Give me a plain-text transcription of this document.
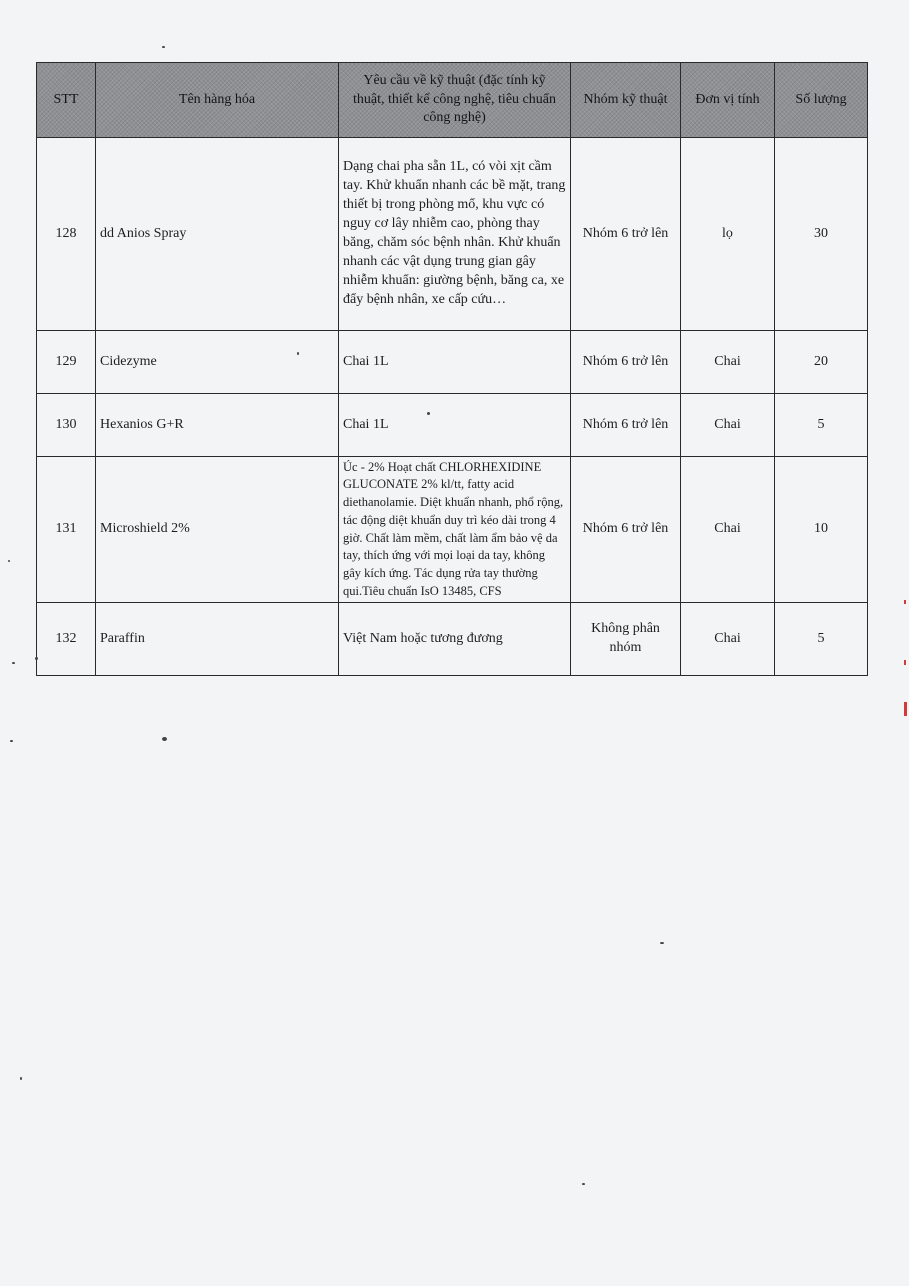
STT	Tên hàng hóa	Yêu cầu về kỹ thuật (đặc tính kỹ thuật, thiết kế công nghệ, tiêu chuẩn công nghệ)	Nhóm kỹ thuật	Đơn vị tính	Số lượng
128	dd Anios Spray	Dạng chai pha sẵn 1L, có vòi xịt cầm tay. Khử khuẩn nhanh các bề mặt, trang thiết bị trong phòng mổ, khu vực có nguy cơ lây nhiễm cao, phòng thay băng, chăm sóc bệnh nhân. Khử khuẩn nhanh các vật dụng trung gian gây nhiễm khuẩn: giường bệnh, băng ca, xe đẩy bệnh nhân, xe cấp cứu…	Nhóm 6 trở lên	lọ	30
129	Cidezyme	Chai 1L	Nhóm 6 trở lên	Chai	20
130	Hexanios G+R	Chai 1L	Nhóm 6 trở lên	Chai	5
131	Microshield 2%	Úc - 2% Hoạt chất CHLORHEXIDINE GLUCONATE 2% kl/tt, fatty acid diethanolamie. Diệt khuẩn nhanh, phổ rộng, tác động diệt khuẩn duy trì kéo dài trong 4 giờ. Chất làm mềm, chất làm ẩm bảo vệ da tay, thích ứng với mọi loại da tay, không gây kích ứng. Tác dụng rửa tay thường qui.Tiêu chuẩn IsO 13485, CFS	Nhóm 6 trở lên	Chai	10
132	Paraffin	Việt Nam hoặc tương đương	Không phân nhóm	Chai	5
